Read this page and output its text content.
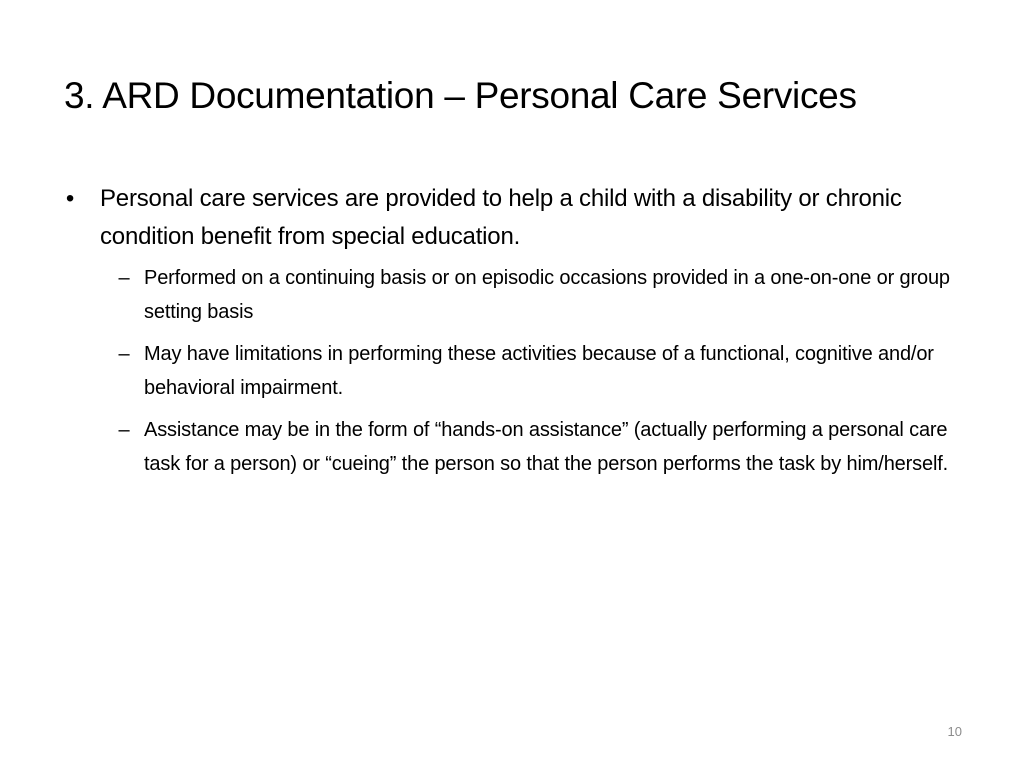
3. ARD Documentation – Personal Care Services
• Personal care services are provided to help a child with a disability or chronic condition benefit from special education.
– Performed on a continuing basis or on episodic occasions provided in a one-on-one or group setting basis
– May have limitations in performing these activities because of a functional, cognitive and/or behavioral impairment.
– Assistance may be in the form of “hands-on assistance” (actually performing a personal care task for a person) or “cueing” the person so that the person performs the task by him/herself.
10
